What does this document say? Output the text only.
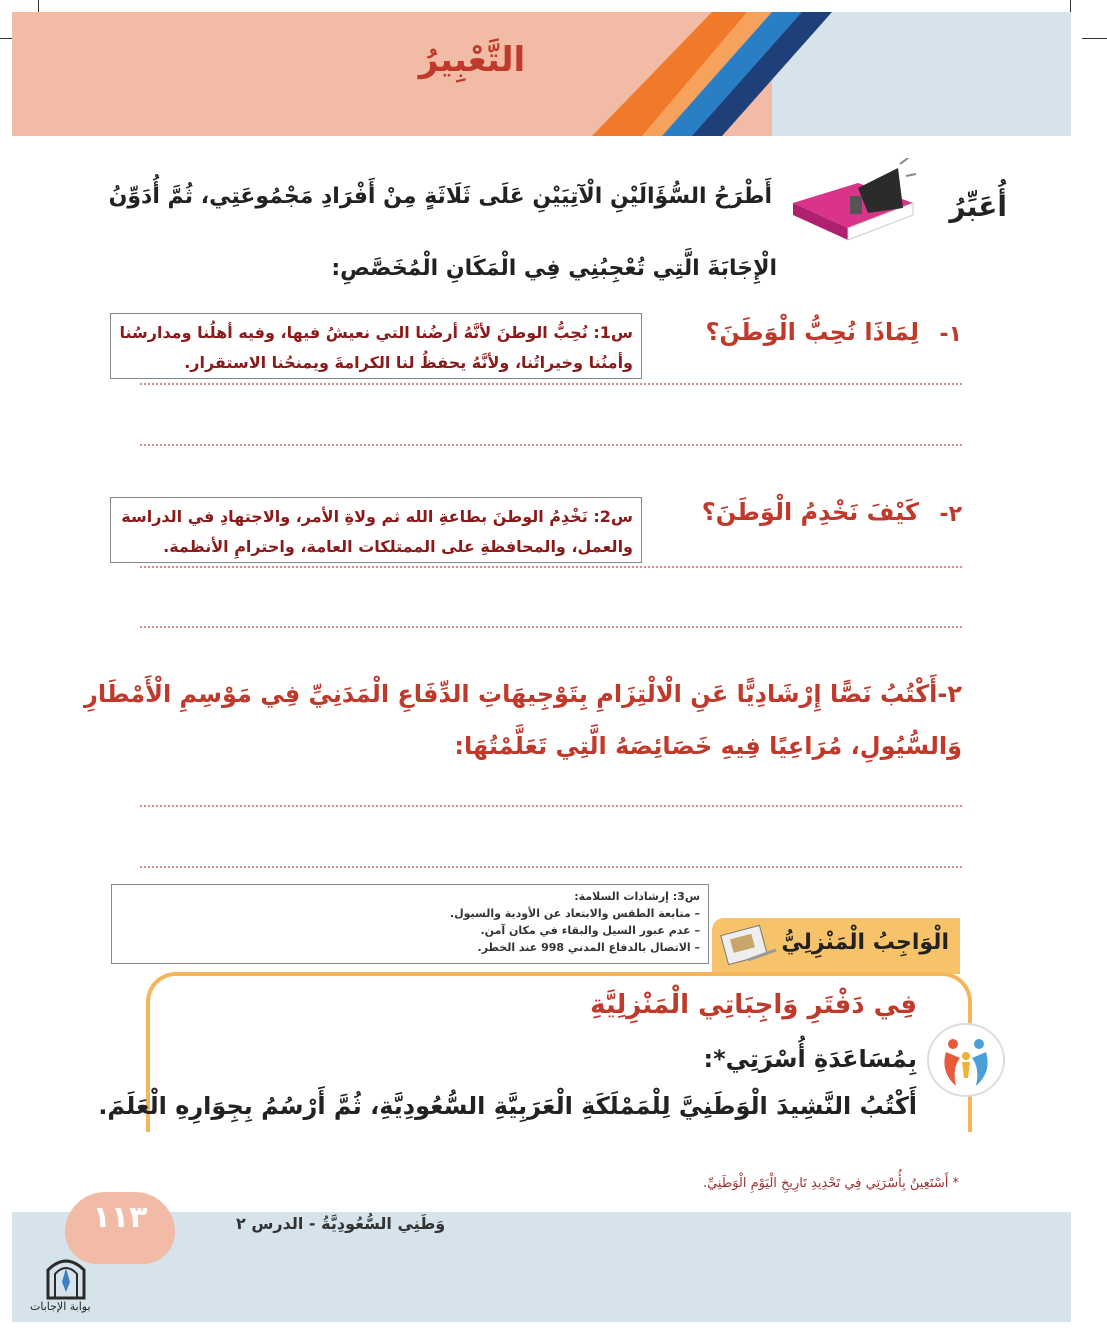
التَّعْبِيرُ
أُعَبِّرُ
أَطْرَحُ السُّؤَالَيْنِ الْآتِيَيْنِ عَلَى ثَلَاثَةٍ مِنْ أَفْرَادِ مَجْمُوعَتِي، ثُمَّ أُدَوِّنُ
الْإِجَابَةَ الَّتِي تُعْجِبُنِي فِي الْمَكَانِ الْمُخَصَّصِ:
١-
لِمَاذَا نُحِبُّ الْوَطَنَ؟
س1: نُحِبُّ الوطنَ لأنَّهُ أرضُنا التي نعيشُ فيها، وفيه أهلُنا ومدارسُنا وأمنُنا وخيراتُنا، ولأنَّهُ يحفظُ لنا الكرامةَ ويمنحُنا الاستقرار.
٢-
كَيْفَ نَخْدِمُ الْوَطَنَ؟
س2: نَخْدِمُ الوطنَ بطاعةِ الله ثم ولاةِ الأمر، والاجتهادِ في الدراسة والعمل، والمحافظةِ على الممتلكات العامة، واحترامِ الأنظمة.
٢-أَكْتُبُ نَصًّا إِرْشَادِيًّا عَنِ الْالْتِزَامِ بِتَوْجِيهَاتِ الدِّفَاعِ الْمَدَنِيِّ فِي مَوْسِمِ الْأَمْطَارِ
وَالسُّيُولِ، مُرَاعِيًا فِيهِ خَصَائِصَهُ الَّتِي تَعَلَّمْتُهَا:
س3: إرشادات السلامة:
– متابعة الطقس والابتعاد عن الأودية والسيول.
– عدم عبور السيل والبقاء في مكان آمن.
– الاتصال بالدفاع المدني 998 عند الخطر.	الْوَاجِبُ الْمَنْزِلِيُّ
فِي دَفْتَرِ وَاجِبَاتِي الْمَنْزِلِيَّةِ
بِمُسَاعَدَةِ أُسْرَتِي*:
أَكْتُبُ النَّشِيدَ الْوَطَنِيَّ لِلْمَمْلَكَةِ الْعَرَبِيَّةِ السُّعُودِيَّةِ، ثُمَّ أَرْسُمُ بِجِوَارِهِ الْعَلَمَ.
* أَسْتَعِينُ بِأُسْرَتِي فِي تَحْدِيدِ تَارِيخِ الْيَوْمِ الْوَطَنِيِّ.
١١٣	وَطَنِي السُّعُودِيَّةُ - الدرس ٢
بوابة الإجابات
